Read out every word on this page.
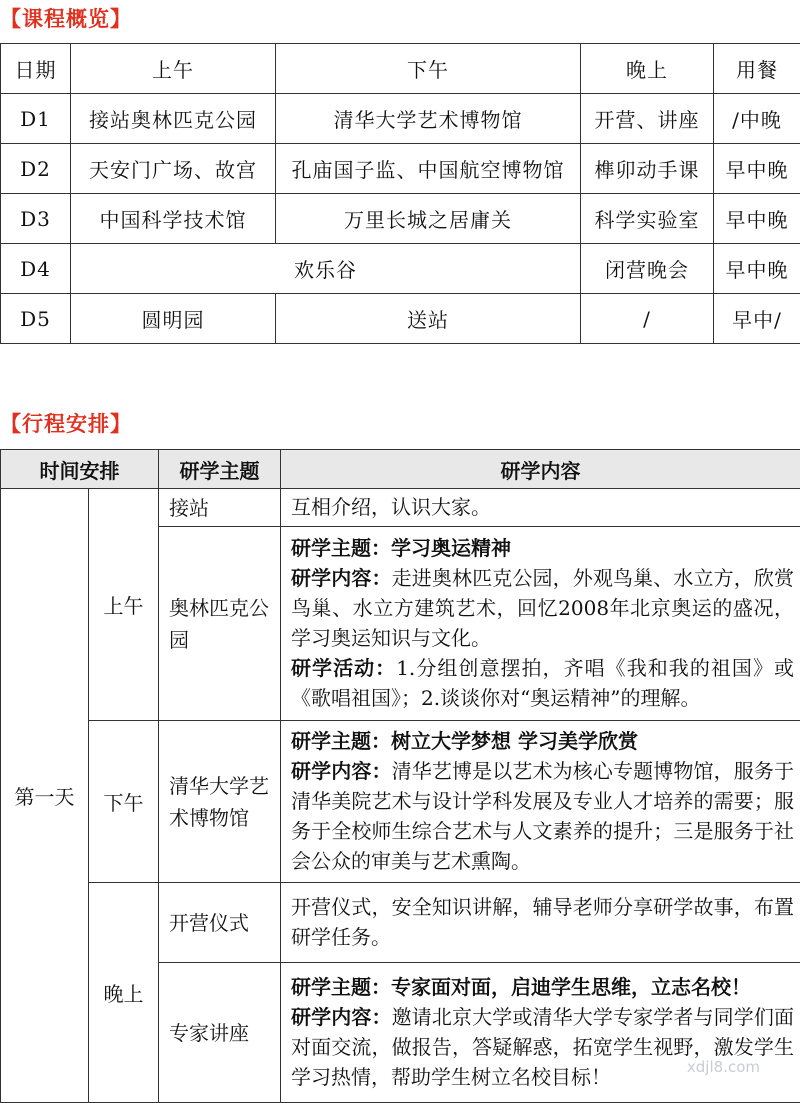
【课程概览】
日期	上午	下午	晚上	用餐
D1	接站奥林匹克公园	清华大学艺术博物馆	开营、讲座	/中晚
D2	天安门广场、故宫	孔庙国子监、中国航空博物馆	榫卯动手课	早中晚
D3	中国科学技术馆	万里长城之居庸关	科学实验室	早中晚
D4	欢乐谷		闭营晚会	早中晚
D5	圆明园	送站	/	早中/
【行程安排】
时间安排		研学主题	研学内容
第一天	上午	接站	互相介绍，认识大家。

		奥林匹克公园	研学主题：学习奥运精神

研学内容：走进奥林匹克公园，外观鸟巢、水立方，欣赏鸟巢、水立方建筑艺术，回忆2008年北京奥运的盛况，学习奥运知识与文化。

研学活动：1.分组创意摆拍，齐唱《我和我的祖国》或《歌唱祖国》；2.谈谈你对“奥运精神”的理解。

	下午	清华大学艺术博物馆	研学主题：树立大学梦想 学习美学欣赏

研学内容：清华艺博是以艺术为核心专题博物馆，服务于清华美院艺术与设计学科发展及专业人才培养的需要；服务于全校师生综合艺术与人文素养的提升；三是服务于社会公众的审美与艺术熏陶。

	晚上	开营仪式	开营仪式，安全知识讲解，辅导老师分享研学故事，布置研学任务。

		专家讲座	研学主题：专家面对面，启迪学生思维，立志名校！

研学内容：邀请北京大学或清华大学专家学者与同学们面对面交流，做报告，答疑解惑，拓宽学生视野，激发学生学习热情，帮助学生树立名校目标！	xdjl8.com
